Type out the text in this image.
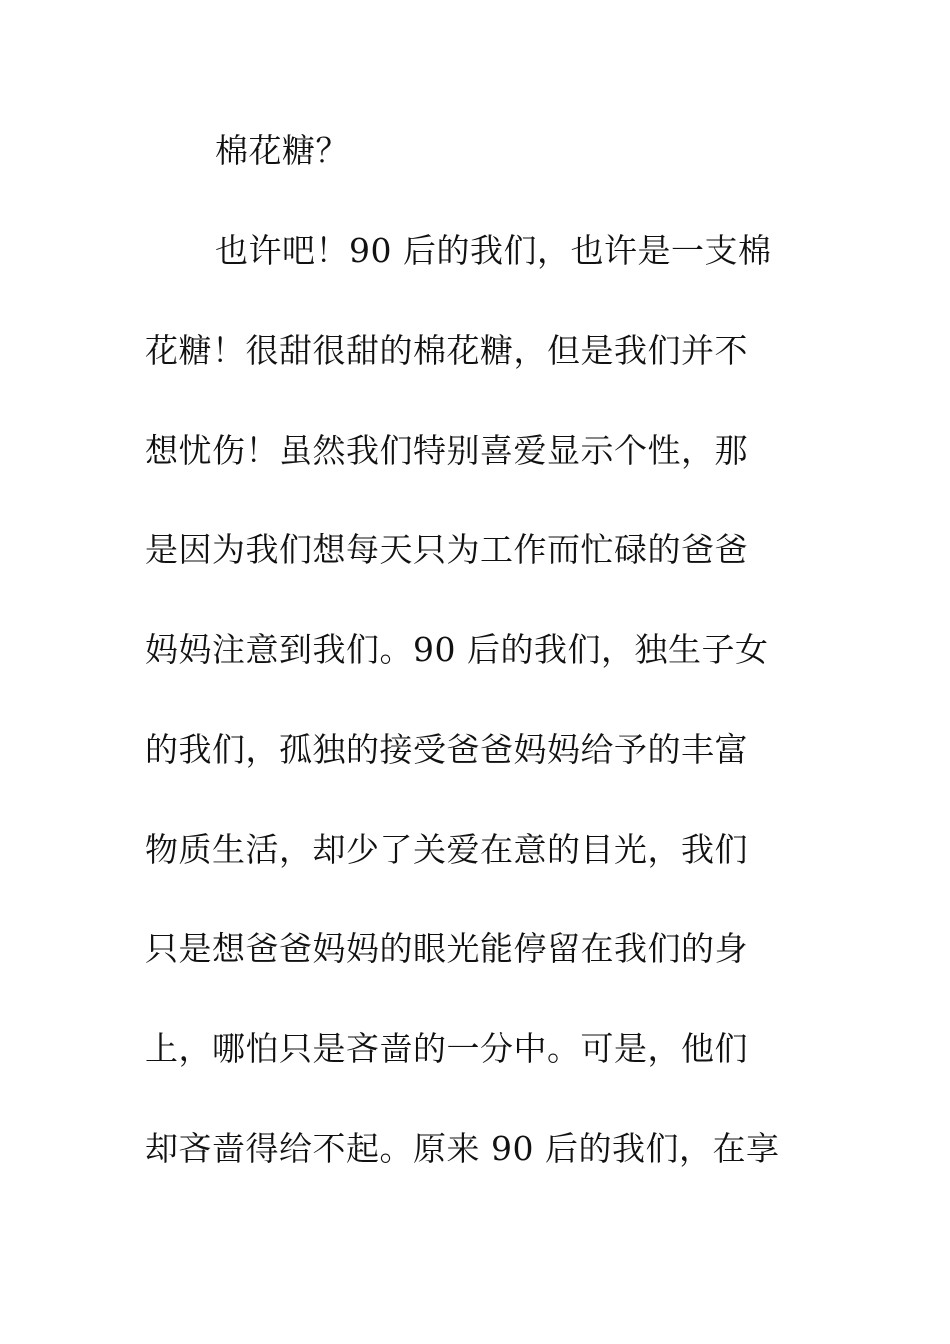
棉花糖？
也许吧！90 后的我们，也许是一支棉
花糖！很甜很甜的棉花糖，但是我们并不
想忧伤！虽然我们特别喜爱显示个性，那
是因为我们想每天只为工作而忙碌的爸爸
妈妈注意到我们。90 后的我们，独生子女
的我们，孤独的接受爸爸妈妈给予的丰富
物质生活，却少了关爱在意的目光，我们
只是想爸爸妈妈的眼光能停留在我们的身
上，哪怕只是吝啬的一分中。可是，他们
却吝啬得给不起。原来 90 后的我们，在享
